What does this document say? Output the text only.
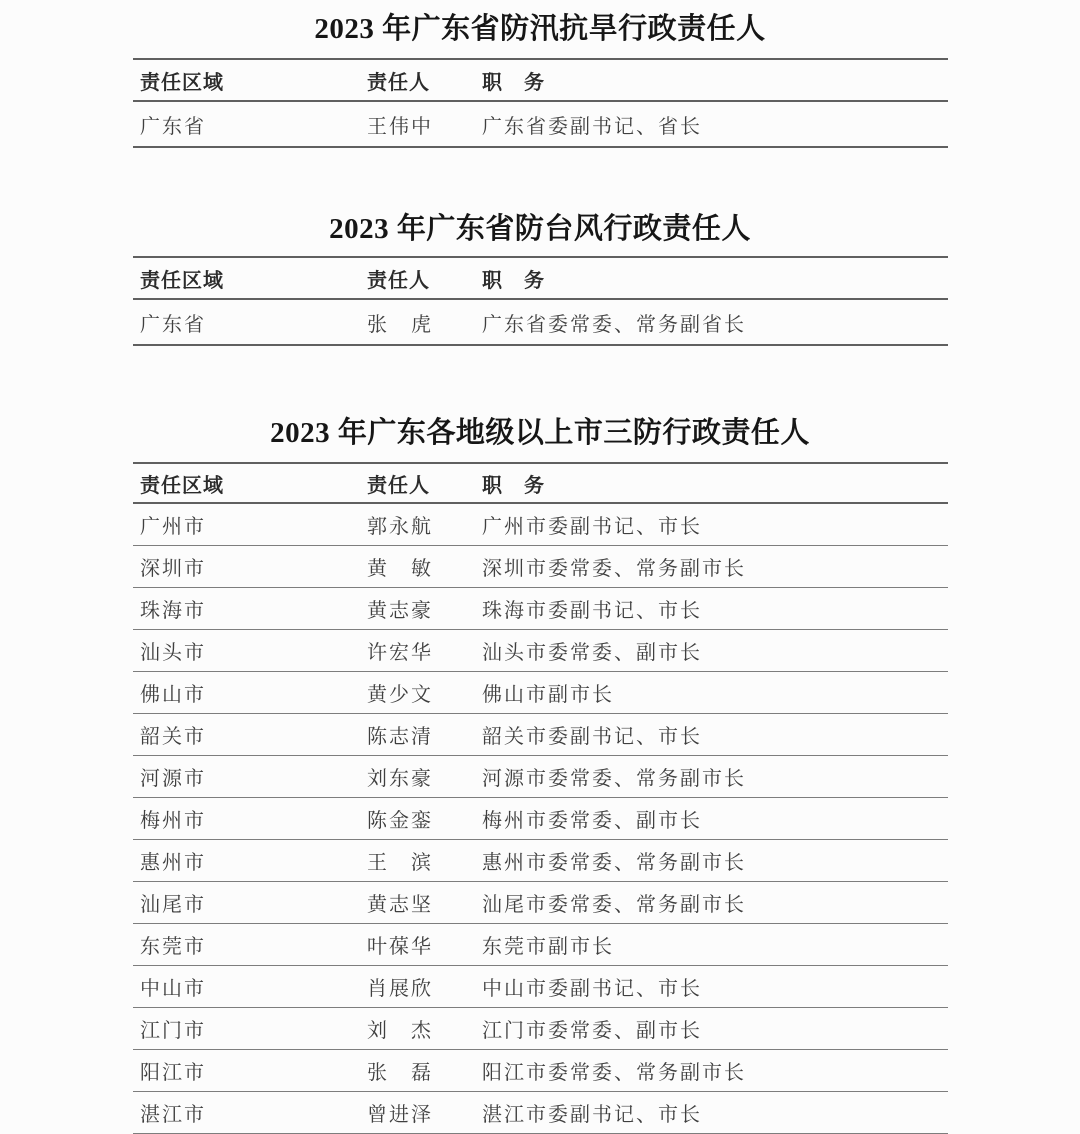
2023 年广东省防汛抗旱行政责任人
责任区域	责任人	职　务
广东省	王伟中	广东省委副书记、省长
2023 年广东省防台风行政责任人
责任区域	责任人	职　务
广东省	张　虎	广东省委常委、常务副省长
2023 年广东各地级以上市三防行政责任人
责任区域	责任人	职　务
广州市	郭永航	广州市委副书记、市长
深圳市	黄　敏	深圳市委常委、常务副市长
珠海市	黄志豪	珠海市委副书记、市长
汕头市	许宏华	汕头市委常委、副市长
佛山市	黄少文	佛山市副市长
韶关市	陈志清	韶关市委副书记、市长
河源市	刘东豪	河源市委常委、常务副市长
梅州市	陈金銮	梅州市委常委、副市长
惠州市	王　滨	惠州市委常委、常务副市长
汕尾市	黄志坚	汕尾市委常委、常务副市长
东莞市	叶葆华	东莞市副市长
中山市	肖展欣	中山市委副书记、市长
江门市	刘　杰	江门市委常委、副市长
阳江市	张　磊	阳江市委常委、常务副市长
湛江市	曾进泽	湛江市委副书记、市长
